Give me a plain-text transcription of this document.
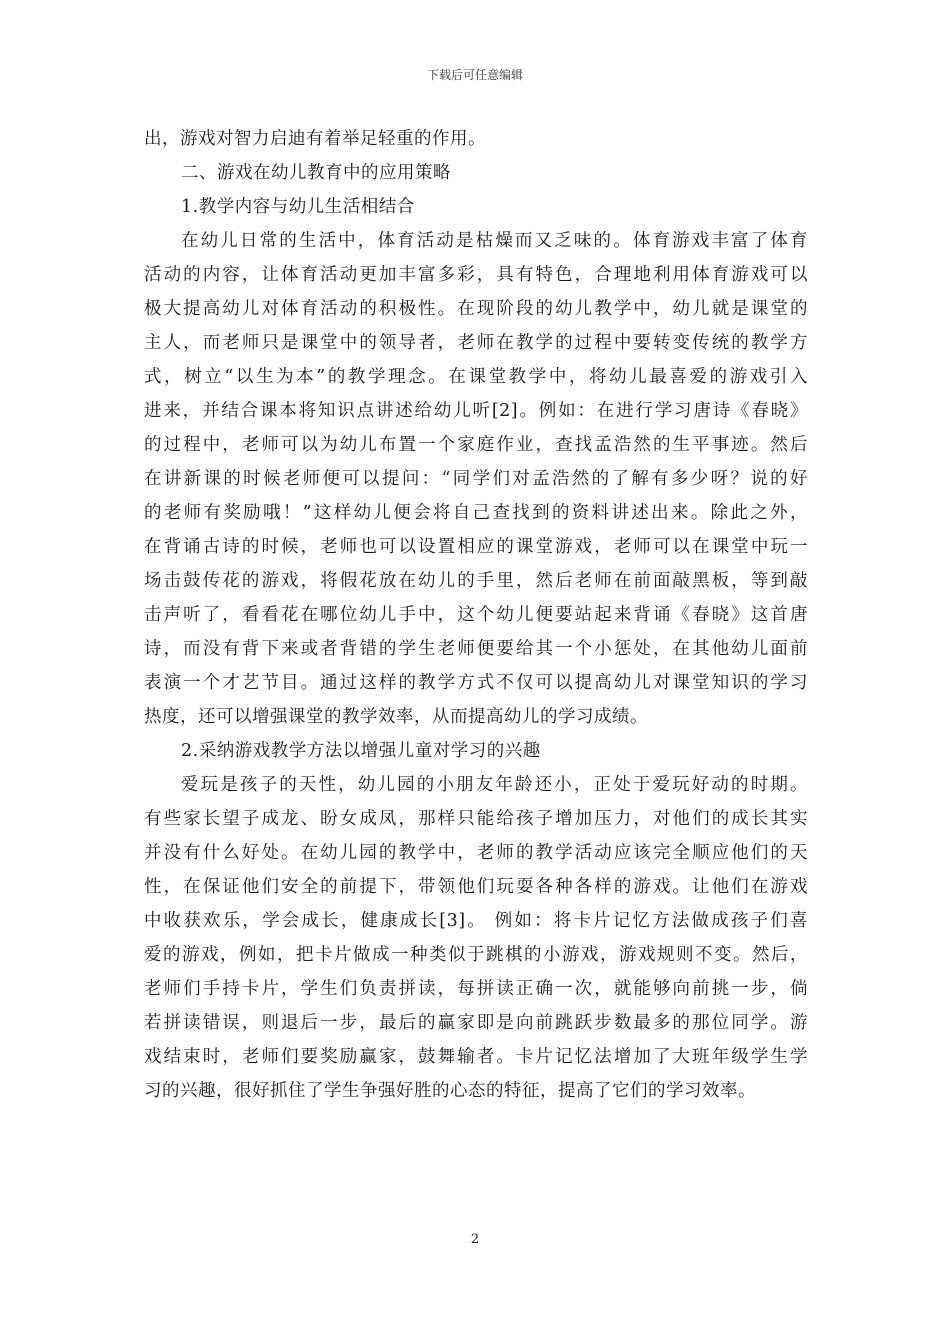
下载后可任意编辑
出，游戏对智力启迪有着举足轻重的作用。
二、游戏在幼儿教育中的应用策略
1.教学内容与幼儿生活相结合
在幼儿日常的生活中，体育活动是枯燥而又乏味的。体育游戏丰富了体育
活动的内容，让体育活动更加丰富多彩，具有特色，合理地利用体育游戏可以
极大提高幼儿对体育活动的积极性。在现阶段的幼儿教学中，幼儿就是课堂的
主人，而老师只是课堂中的领导者，老师在教学的过程中要转变传统的教学方
式，树立“以生为本”的教学理念。在课堂教学中，将幼儿最喜爱的游戏引入
进来，并结合课本将知识点讲述给幼儿听[2]。例如：在进行学习唐诗《春晓》
的过程中，老师可以为幼儿布置一个家庭作业，查找孟浩然的生平事迹。然后
在讲新课的时候老师便可以提问：“同学们对孟浩然的了解有多少呀？说的好
的老师有奖励哦！”这样幼儿便会将自己查找到的资料讲述出来。除此之外，
在背诵古诗的时候，老师也可以设置相应的课堂游戏，老师可以在课堂中玩一
场击鼓传花的游戏，将假花放在幼儿的手里，然后老师在前面敲黑板，等到敲
击声听了，看看花在哪位幼儿手中，这个幼儿便要站起来背诵《春晓》这首唐
诗，而没有背下来或者背错的学生老师便要给其一个小惩处，在其他幼儿面前
表演一个才艺节目。通过这样的教学方式不仅可以提高幼儿对课堂知识的学习
热度，还可以增强课堂的教学效率，从而提高幼儿的学习成绩。
2.采纳游戏教学方法以增强儿童对学习的兴趣
爱玩是孩子的天性，幼儿园的小朋友年龄还小，正处于爱玩好动的时期。
有些家长望子成龙、盼女成凤，那样只能给孩子增加压力，对他们的成长其实
并没有什么好处。在幼儿园的教学中，老师的教学活动应该完全顺应他们的天
性，在保证他们安全的前提下，带领他们玩耍各种各样的游戏。让他们在游戏
中收获欢乐，学会成长，健康成长[3]。 例如：将卡片记忆方法做成孩子们喜
爱的游戏，例如，把卡片做成一种类似于跳棋的小游戏，游戏规则不变。然后，
老师们手持卡片，学生们负责拼读，每拼读正确一次，就能够向前挑一步，倘
若拼读错误，则退后一步，最后的赢家即是向前跳跃步数最多的那位同学。游
戏结束时，老师们要奖励赢家，鼓舞输者。卡片记忆法增加了大班年级学生学
习的兴趣，很好抓住了学生争强好胜的心态的特征，提高了它们的学习效率。
2
